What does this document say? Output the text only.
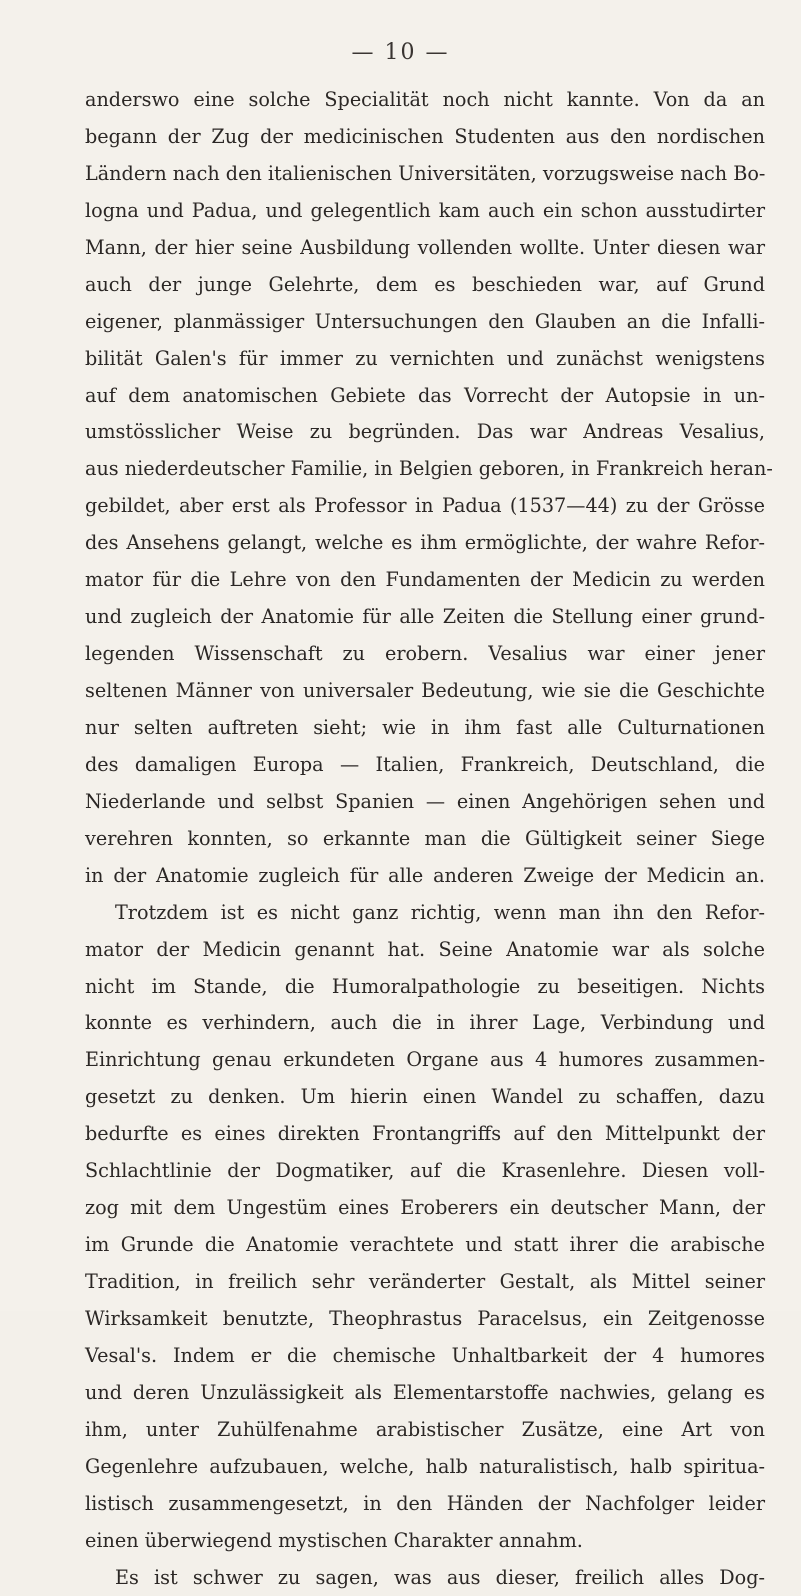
— 10 —
anderswo eine solche Specialität noch nicht kannte. Von da an
begann der Zug der medicinischen Studenten aus den nordischen
Ländern nach den italienischen Universitäten, vorzugsweise nach Bo-
logna und Padua, und gelegentlich kam auch ein schon ausstudirter
Mann, der hier seine Ausbildung vollenden wollte. Unter diesen war
auch der junge Gelehrte, dem es beschieden war, auf Grund
eigener, planmässiger Untersuchungen den Glauben an die Infalli-
bilität Galen's für immer zu vernichten und zunächst wenigstens
auf dem anatomischen Gebiete das Vorrecht der Autopsie in un-
umstösslicher Weise zu begründen. Das war Andreas Vesalius,
aus niederdeutscher Familie, in Belgien geboren, in Frankreich heran-
gebildet, aber erst als Professor in Padua (1537—44) zu der Grösse
des Ansehens gelangt, welche es ihm ermöglichte, der wahre Refor-
mator für die Lehre von den Fundamenten der Medicin zu werden
und zugleich der Anatomie für alle Zeiten die Stellung einer grund-
legenden Wissenschaft zu erobern. Vesalius war einer jener
seltenen Männer von universaler Bedeutung, wie sie die Geschichte
nur selten auftreten sieht; wie in ihm fast alle Culturnationen
des damaligen Europa — Italien, Frankreich, Deutschland, die
Niederlande und selbst Spanien — einen Angehörigen sehen und
verehren konnten, so erkannte man die Gültigkeit seiner Siege
in der Anatomie zugleich für alle anderen Zweige der Medicin an.
Trotzdem ist es nicht ganz richtig, wenn man ihn den Refor-
mator der Medicin genannt hat. Seine Anatomie war als solche
nicht im Stande, die Humoralpathologie zu beseitigen. Nichts
konnte es verhindern, auch die in ihrer Lage, Verbindung und
Einrichtung genau erkundeten Organe aus 4 humores zusammen-
gesetzt zu denken. Um hierin einen Wandel zu schaffen, dazu
bedurfte es eines direkten Frontangriffs auf den Mittelpunkt der
Schlachtlinie der Dogmatiker, auf die Krasenlehre. Diesen voll-
zog mit dem Ungestüm eines Eroberers ein deutscher Mann, der
im Grunde die Anatomie verachtete und statt ihrer die arabische
Tradition, in freilich sehr veränderter Gestalt, als Mittel seiner
Wirksamkeit benutzte, Theophrastus Paracelsus, ein Zeitgenosse
Vesal's. Indem er die chemische Unhaltbarkeit der 4 humores
und deren Unzulässigkeit als Elementarstoffe nachwies, gelang es
ihm, unter Zuhülfenahme arabistischer Zusätze, eine Art von
Gegenlehre aufzubauen, welche, halb naturalistisch, halb spiritua-
listisch zusammengesetzt, in den Händen der Nachfolger leider
einen überwiegend mystischen Charakter annahm.
Es ist schwer zu sagen, was aus dieser, freilich alles Dog-
